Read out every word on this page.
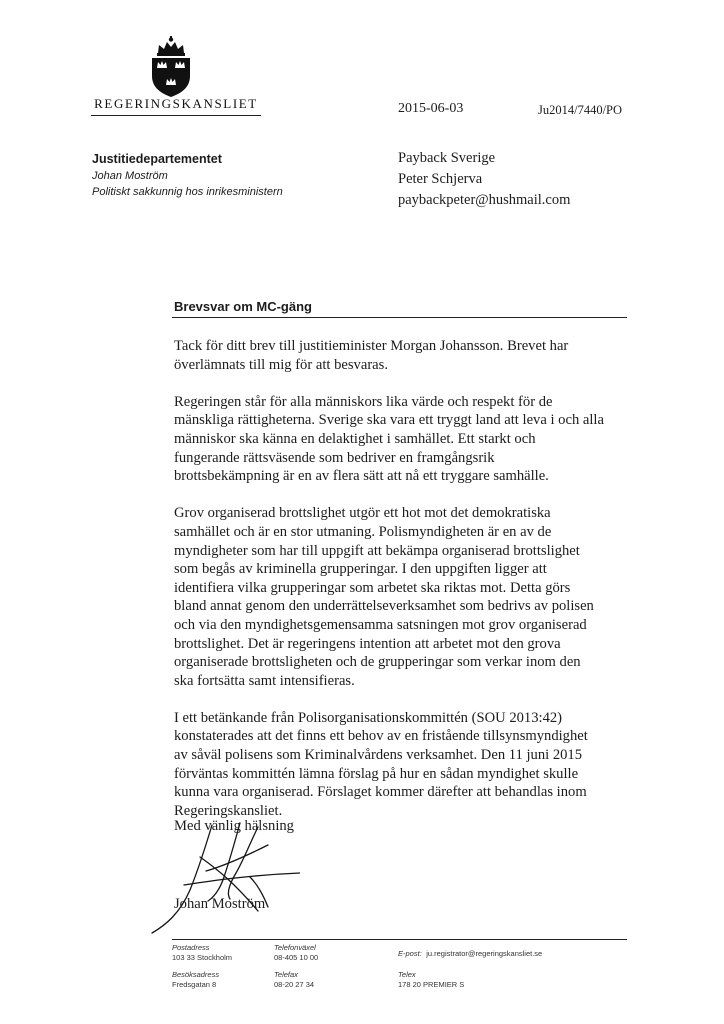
REGERINGSKANSLIET	2015-06-03	Ju2014/7440/PO
Justitiedepartementet
Johan Moström
Politiskt sakkunnig hos inrikesministern
Payback Sverige
Peter Schjerva
paybackpeter@hushmail.com
Brevsvar om MC-gäng

Tack för ditt brev till justitieminister Morgan Johansson. Brevet har
överlämnats till mig för att besvaras.

Regeringen står för alla människors lika värde och respekt för de
mänskliga rättigheterna. Sverige ska vara ett tryggt land att leva i och alla
människor ska känna en delaktighet i samhället. Ett starkt och
fungerande rättsväsende som bedriver en framgångsrik
brottsbekämpning är en av flera sätt att nå ett tryggare samhälle.

Grov organiserad brottslighet utgör ett hot mot det demokratiska
samhället och är en stor utmaning. Polismyndigheten är en av de
myndigheter som har till uppgift att bekämpa organiserad brottslighet
som begås av kriminella grupperingar. I den uppgiften ligger att
identifiera vilka grupperingar som arbetet ska riktas mot. Detta görs
bland annat genom den underrättelseverksamhet som bedrivs av polisen
och via den myndighetsgemensamma satsningen mot grov organiserad
brottslighet. Det är regeringens intention att arbetet mot den grova
organiserade brottsligheten och de grupperingar som verkar inom den
ska fortsätta samt intensifieras.

I ett betänkande från Polisorganisationskommittén (SOU 2013:42)
konstaterades att det finns ett behov av en fristående tillsynsmyndighet
av såväl polisens som Kriminalvårdens verksamhet. Den 11 juni 2015
förväntas kommittén lämna förslag på hur en sådan myndighet skulle
kunna vara organiserad. Förslaget kommer därefter att behandlas inom
Regeringskansliet.

Med vänlig hälsning
Johan Moström
Postadress
103 33 Stockholm
Besöksadress
Fredsgatan 8
Telefonväxel
08-405 10 00
Telefax
08-20 27 34
E-post: ju.registrator@regeringskansliet.se
Telex
178 20 PREMIER S
